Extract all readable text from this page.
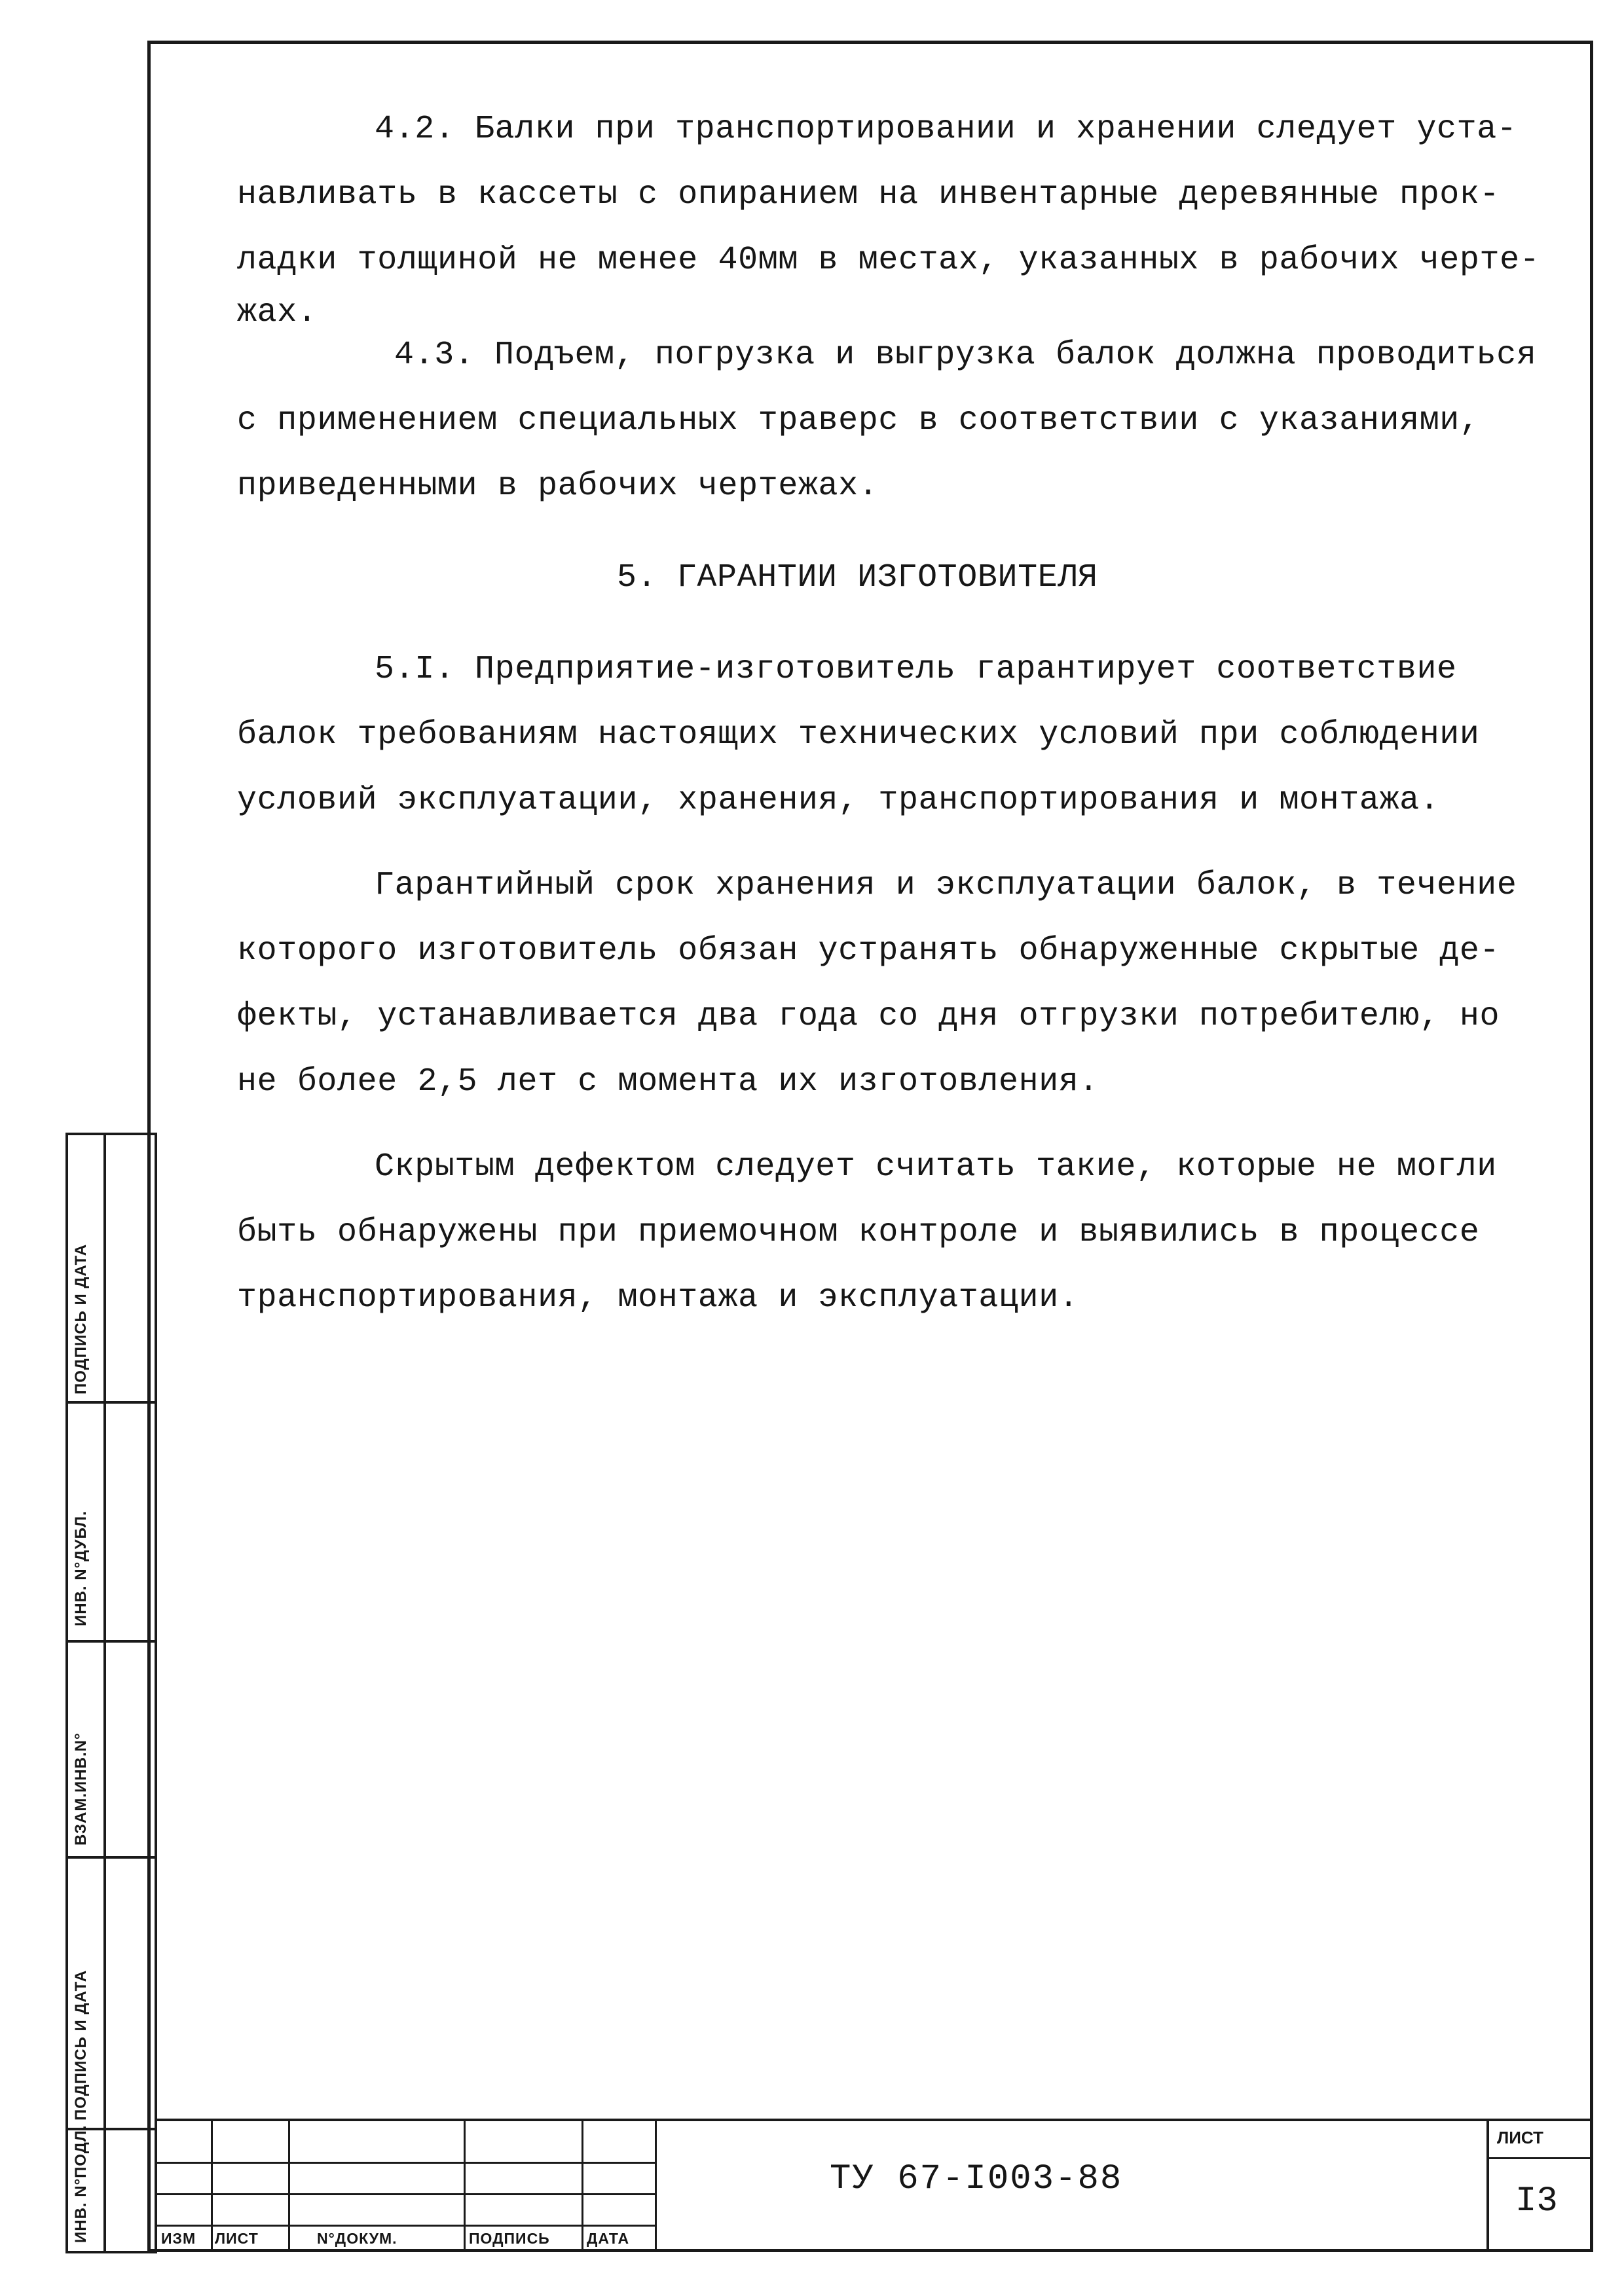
4.2. Балки при транспортировании и хранении следует уста-
навливать в кассеты с опиранием на инвентарные деревянные прок-
ладки толщиной не менее 40мм в местах, указанных в рабочих черте-
жах.
4.3. Подъем, погрузка и выгрузка балок должна проводиться
с применением специальных траверс в соответствии с указаниями,
приведенными в рабочих чертежах.
5. ГАРАНТИИ ИЗГОТОВИТЕЛЯ
5.I. Предприятие-изготовитель гарантирует соответствие
балок требованиям настоящих технических условий при соблюдении
условий эксплуатации, хранения, транспортирования и монтажа.
Гарантийный срок хранения и эксплуатации балок, в течение
которого изготовитель обязан устранять обнаруженные скрытые де-
фекты, устанавливается два года со дня отгрузки потребителю, но
не более 2,5 лет с момента их изготовления.
Скрытым дефектом следует считать такие, которые не могли
быть обнаружены при приемочном контроле и выявились в процессе
транспортирования, монтажа и эксплуатации.
ПОДПИСЬ И ДАТА
ИНВ. N°ДУБЛ.
ВЗАМ.ИНВ.N°
ПОДПИСЬ И ДАТА
ИНВ. N°ПОДЛ.	ИЗМ ЛИСТ	N°ДОКУМ.	ПОДПИСЬ ДАТА
ТУ 67-I003-88
ЛИСТ
I3
